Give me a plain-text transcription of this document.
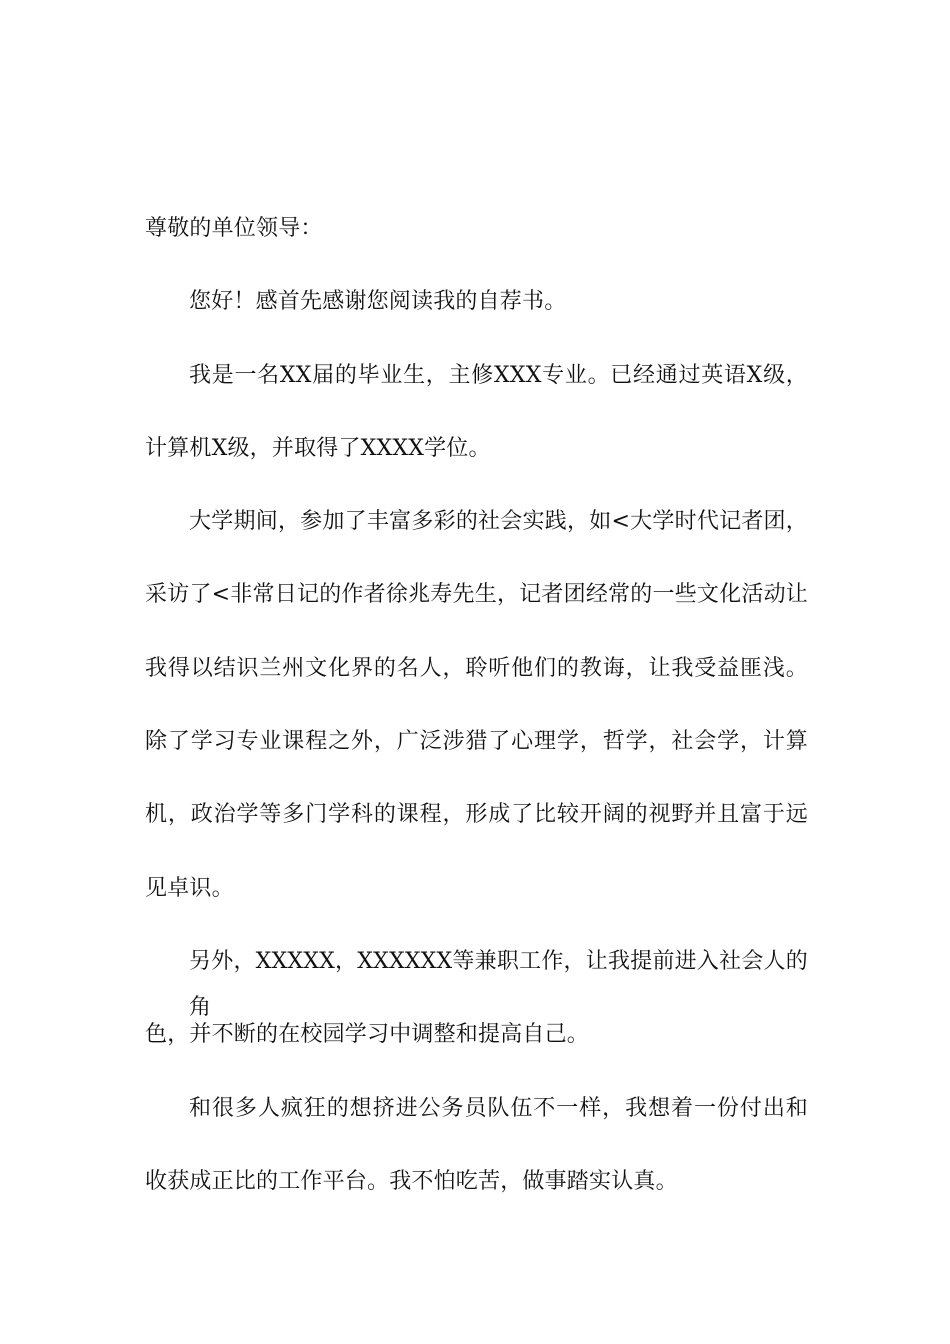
尊敬的单位领导：
您好！感首先感谢您阅读我的自荐书。
我是一名XX届的毕业生，主修XXX专业。已经通过英语X级，
计算机X级，并取得了XXXX学位。
大学期间，参加了丰富多彩的社会实践，如<大学时代记者团，
采访了<非常日记的作者徐兆寿先生，记者团经常的一些文化活动让
我得以结识兰州文化界的名人，聆听他们的教诲，让我受益匪浅。
除了学习专业课程之外，广泛涉猎了心理学，哲学，社会学，计算
机，政治学等多门学科的课程，形成了比较开阔的视野并且富于远
见卓识。
另外，XXXXX，XXXXXX等兼职工作，让我提前进入社会人的角
色，并不断的在校园学习中调整和提高自己。
和很多人疯狂的想挤进公务员队伍不一样，我想着一份付出和
收获成正比的工作平台。我不怕吃苦，做事踏实认真。
